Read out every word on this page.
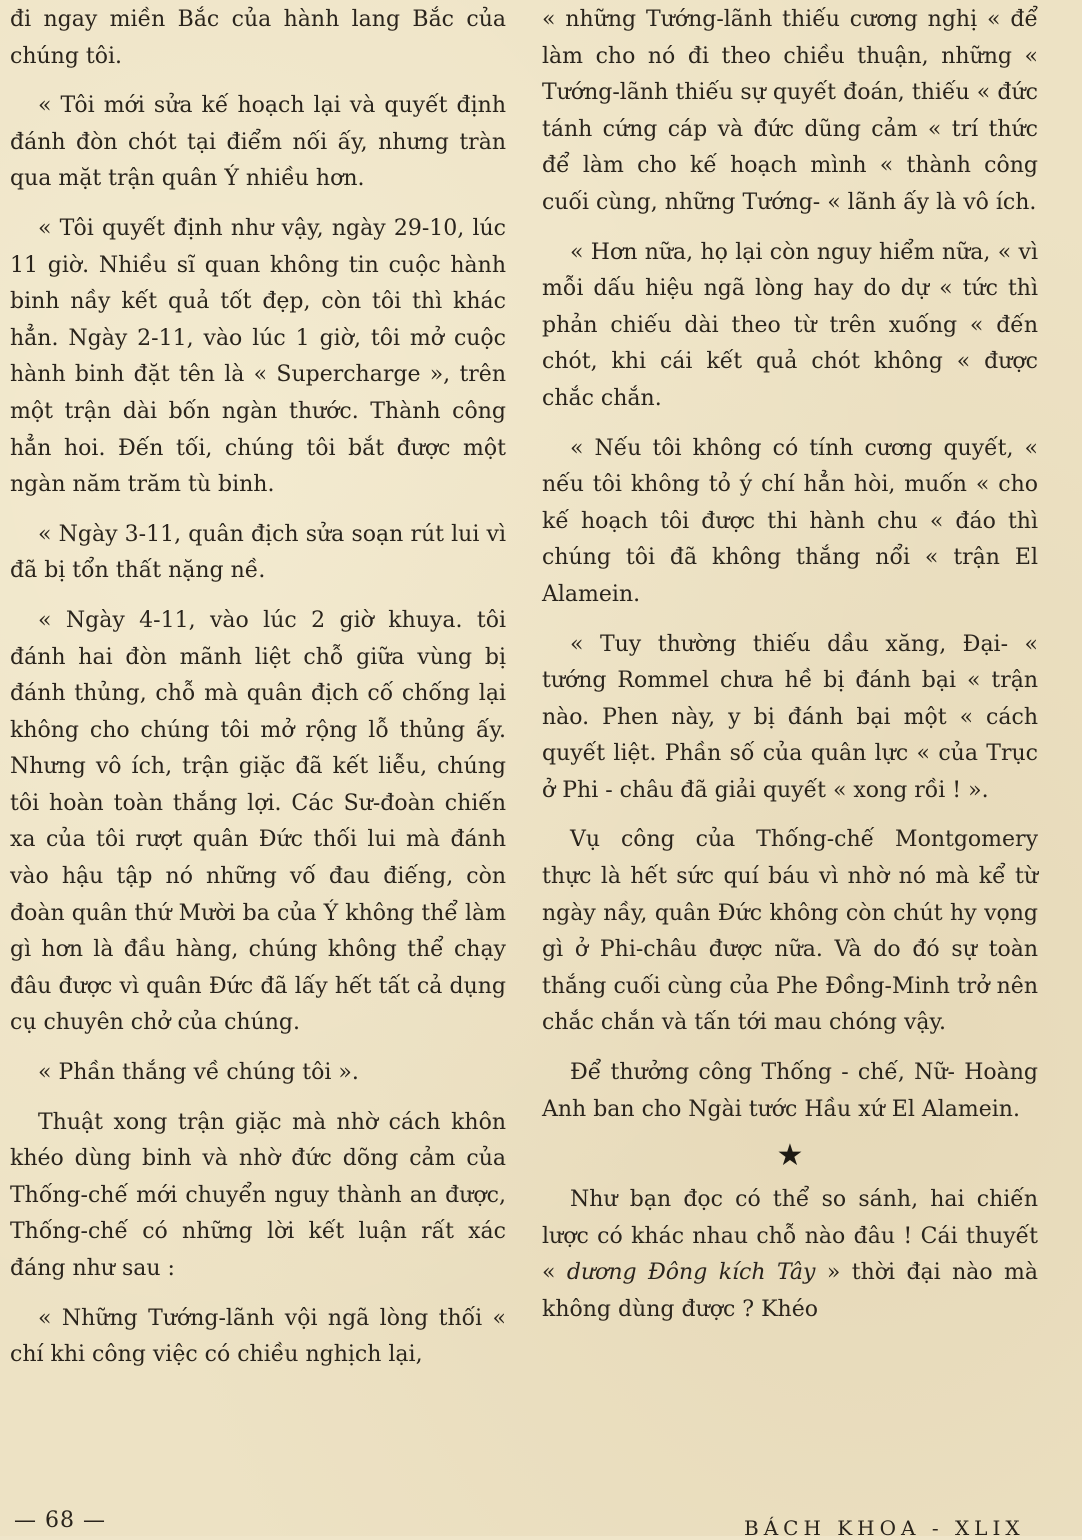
đi ngay miền Bắc của hành lang Bắc của chúng tôi.

« Tôi mới sửa kế hoạch lại và quyết định đánh đòn chót tại điểm nối ấy, nhưng tràn qua mặt trận quân Ý nhiều hơn.

« Tôi quyết định như vậy, ngày 29-10, lúc 11 giờ. Nhiều sĩ quan không tin cuộc hành binh nầy kết quả tốt đẹp, còn tôi thì khác hẳn. Ngày 2-11, vào lúc 1 giờ, tôi mở cuộc hành binh đặt tên là « Supercharge », trên một trận dài bốn ngàn thước. Thành công hẳn hoi. Đến tối, chúng tôi bắt được một ngàn năm trăm tù binh.

« Ngày 3-11, quân địch sửa soạn rút lui vì đã bị tổn thất nặng nề.

« Ngày 4-11, vào lúc 2 giờ khuya. tôi đánh hai đòn mãnh liệt chỗ giữa vùng bị đánh thủng, chỗ mà quân địch cố chống lại không cho chúng tôi mở rộng lỗ thủng ấy. Nhưng vô ích, trận giặc đã kết liễu, chúng tôi hoàn toàn thắng lợi. Các Sư-đoàn chiến xa của tôi rượt quân Đức thối lui mà đánh vào hậu tập nó những vố đau điếng, còn đoàn quân thứ Mười ba của Ý không thể làm gì hơn là đầu hàng, chúng không thể chạy đâu được vì quân Đức đã lấy hết tất cả dụng cụ chuyên chở của chúng.

« Phần thắng về chúng tôi ».

Thuật xong trận giặc mà nhờ cách khôn khéo dùng binh và nhờ đức dõng cảm của Thống-chế mới chuyển nguy thành an được, Thống-chế có những lời kết luận rất xác đáng như sau :

« Những Tướng-lãnh vội ngã lòng thối « chí khi công việc có chiều nghịch lại,

« những Tướng-lãnh thiếu cương nghị « để làm cho nó đi theo chiều thuận, những « Tướng-lãnh thiếu sự quyết đoán, thiếu « đức tánh cứng cáp và đức dũng cảm « trí thức để làm cho kế hoạch mình « thành công cuối cùng, những Tướng- « lãnh ấy là vô ích.

« Hơn nữa, họ lại còn nguy hiểm nữa, « vì mỗi dấu hiệu ngã lòng hay do dự « tức thì phản chiếu dài theo từ trên xuống « đến chót, khi cái kết quả chót không « được chắc chắn.

« Nếu tôi không có tính cương quyết, « nếu tôi không tỏ ý chí hẳn hòi, muốn « cho kế hoạch tôi được thi hành chu « đáo thì chúng tôi đã không thắng nổi « trận El Alamein.

« Tuy thường thiếu dầu xăng, Đại- « tướng Rommel chưa hề bị đánh bại « trận nào. Phen này, y bị đánh bại một « cách quyết liệt. Phần số của quân lực « của Trục ở Phi - châu đã giải quyết « xong rồi ! ».

Vụ công của Thống-chế Montgomery thực là hết sức quí báu vì nhờ nó mà kể từ ngày nầy, quân Đức không còn chút hy vọng gì ở Phi-châu được nữa. Và do đó sự toàn thắng cuối cùng của Phe Đồng-Minh trở nên chắc chắn và tấn tới mau chóng vậy.

Để thưởng công Thống - chế, Nữ- Hoàng Anh ban cho Ngài tước Hầu xứ El Alamein.

★

Như bạn đọc có thể so sánh, hai chiến lược có khác nhau chỗ nào đâu ! Cái thuyết « dương Đông kích Tây » thời đại nào mà không dùng được ? Khéo

— 68 —	BÁCH KHOA - XLIX
